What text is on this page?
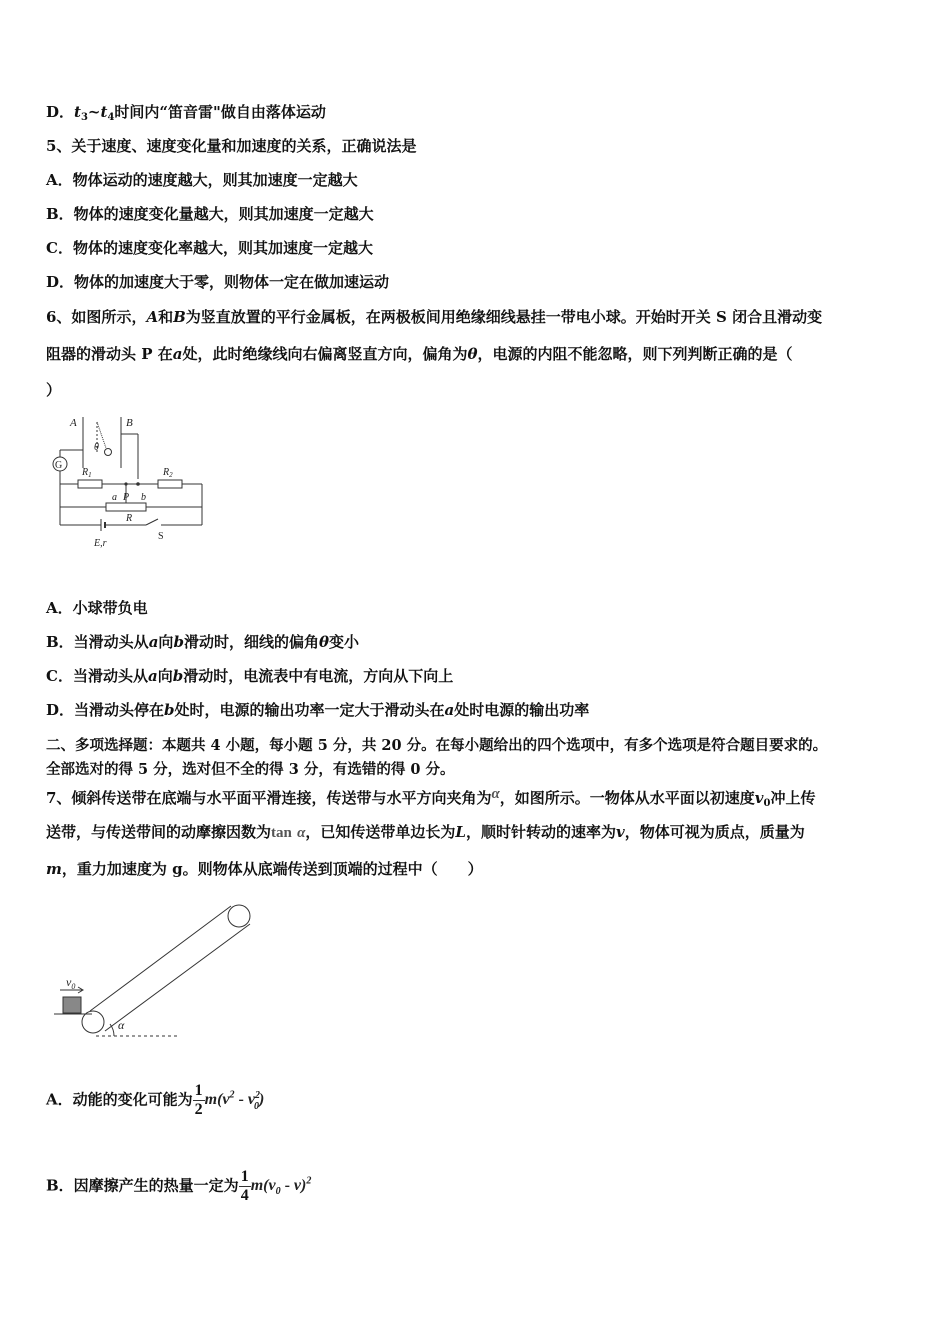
D．$t_3\sim t_4$时间内“笛音雷"做自由落体运动
5、关于速度、速度变化量和加速度的关系，正确说法是
A．物体运动的速度越大，则其加速度一定越大
B．物体的速度变化量越大，则其加速度一定越大
C．物体的速度变化率越大，则其加速度一定越大
D．物体的加速度大于零，则物体一定在做加速运动
6、如图所示，A和B为竖直放置的平行金属板，在两极板间用绝缘细线悬挂一带电小球。开始时开关 S 闭合且滑动变
阻器的滑动头 P 在a处，此时绝缘线向右偏离竖直方向，偏角为θ，电源的内阻不能忽略，则下列判断正确的是（
）
A	B
θ
G
$R_1$	$R_2$
a P b
R
E,r
S
A．小球带负电
B．当滑动头从a向b滑动时，细线的偏角θ变小
C．当滑动头从a向b滑动时，电流表中有电流，方向从下向上
D．当滑动头停在b处时，电源的输出功率一定大于滑动头在a处时电源的输出功率
二、多项选择题：本题共 4 小题，每小题 5 分，共 20 分。在每小题给出的四个选项中，有多个选项是符合题目要求的。
全部选对的得 5 分，选对但不全的得 3 分，有选错的得 0 分。
7、倾斜传送带在底端与水平面平滑连接，传送带与水平方向夹角为α，如图所示。一物体从水平面以初速度$v_0$冲上传
送带，与传送带间的动摩擦因数为tan α，已知传送带单边长为L，顺时针转动的速率为v，物体可视为质点，质量为
m，重力加速度为 g。则物体从底端传送到顶端的过程中（　　）
$v_0$
α
A．动能的变化可能为 $\frac{1}{2} m(v^2 - v^2_0)$
B．因摩擦产生的热量一定为 $\frac{1}{4} m(v_0 - v)^2$
